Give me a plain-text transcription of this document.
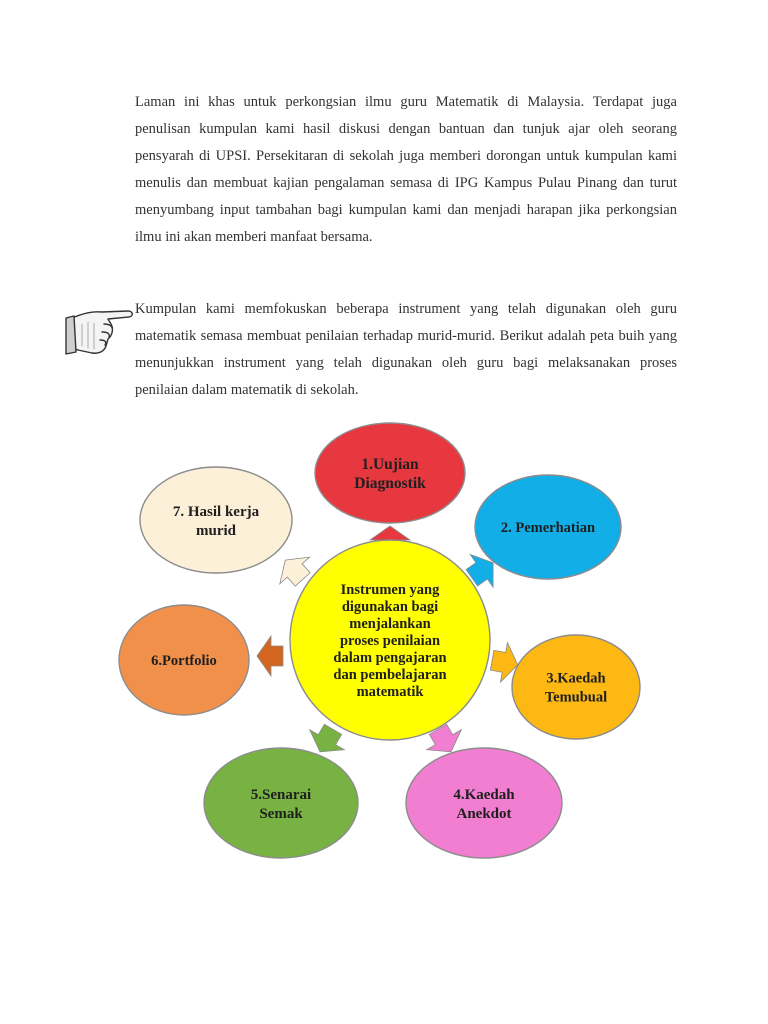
Laman ini khas untuk perkongsian ilmu guru Matematik di Malaysia. Terdapat juga penulisan kumpulan kami hasil diskusi dengan bantuan dan tunjuk ajar oleh seorang pensyarah di UPSI. Persekitaran di sekolah juga memberi dorongan untuk kumpulan kami menulis dan membuat kajian pengalaman semasa di IPG Kampus Pulau Pinang dan turut menyumbang input tambahan bagi kumpulan kami dan menjadi harapan jika perkongsian ilmu ini akan memberi manfaat bersama.

Kumpulan kami memfokuskan beberapa instrument yang telah digunakan oleh guru matematik semasa membuat penilaian terhadap murid-murid. Berikut adalah peta buih yang menunjukkan instrument yang telah digunakan oleh guru bagi melaksanakan proses penilaian dalam matematik di sekolah.

Instrumen yang
digunakan bagi
menjalankan
proses penilaian
dalam pengajaran
dan pembelajaran
matematik
1.Uujian
Diagnostik
2. Pemerhatian
3.Kaedah
Temubual
4.Kaedah
Anekdot
5.Senarai
Semak
6.Portfolio
7. Hasil kerja
murid
